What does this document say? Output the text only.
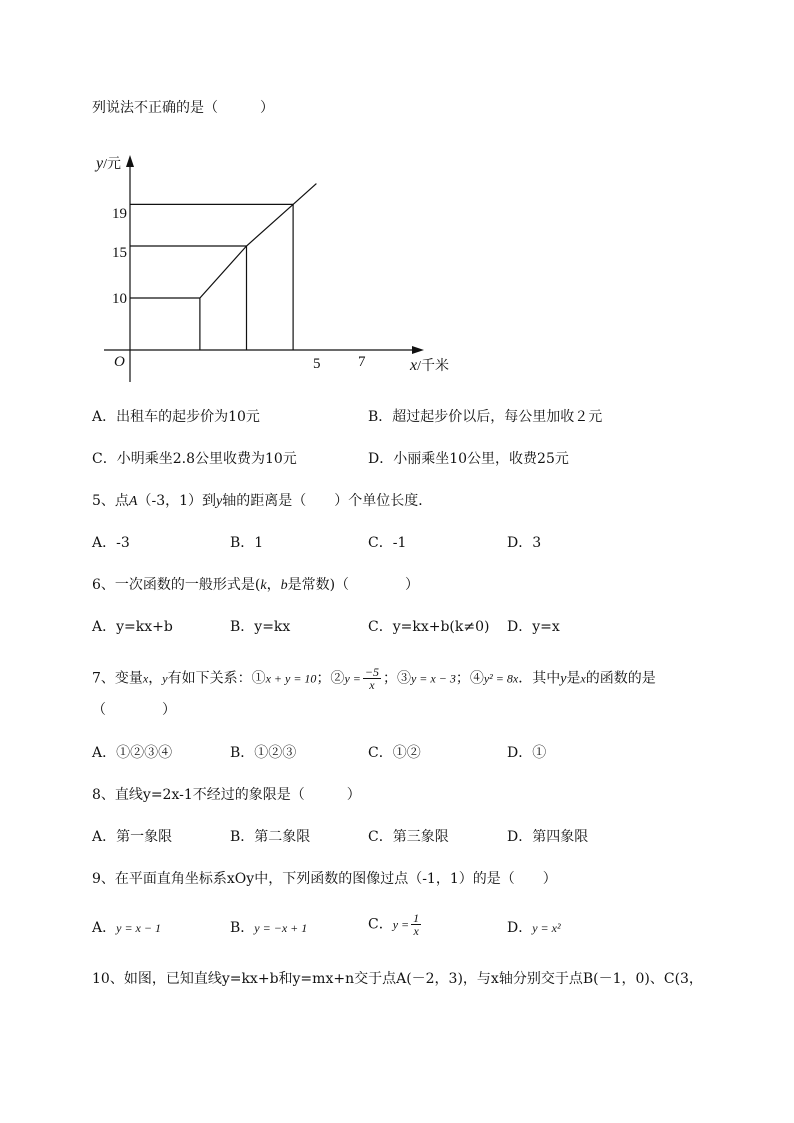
列说法不正确的是（　　　）
y/元
x/千米
O
19
15
10
5	7
A．出租车的起步价为10元	B．超过起步价以后，每公里加收２元
C．小明乘坐2.8公里收费为10元	D．小丽乘坐10公里，收费25元
5、点A（-3，1）到y轴的距离是（　　）个单位长度．
A．-3	B．1	C．-1	D．3
6、一次函数的一般形式是(k，b是常数)（　　　　）
A．y=kx+b	B．y=kx	C．y=kx+b(k≠0) D．y=x
7、变量x，y有如下关系：①x + y = 10；②y = $\frac{-5}{x}$ ；③y = x − 3；④y² = 8x．其中y是x的函数的是
（　　　　）
A．①②③④	B．①②③	C．①②	D．①
8、直线y=2x-1不经过的象限是（　　　）
A．第一象限	B．第二象限	C．第三象限	D．第四象限
9、在平面直角坐标系xOy中，下列函数的图像过点（-1，1）的是（　　）
A．y = x − 1	B．y = −x + 1	C．$y = \frac{1}{x}$	D．y = x²
10、如图，已知直线y=kx+b和y=mx+n交于点A(－2，3)，与x轴分别交于点B(－1，0)、C(3，
